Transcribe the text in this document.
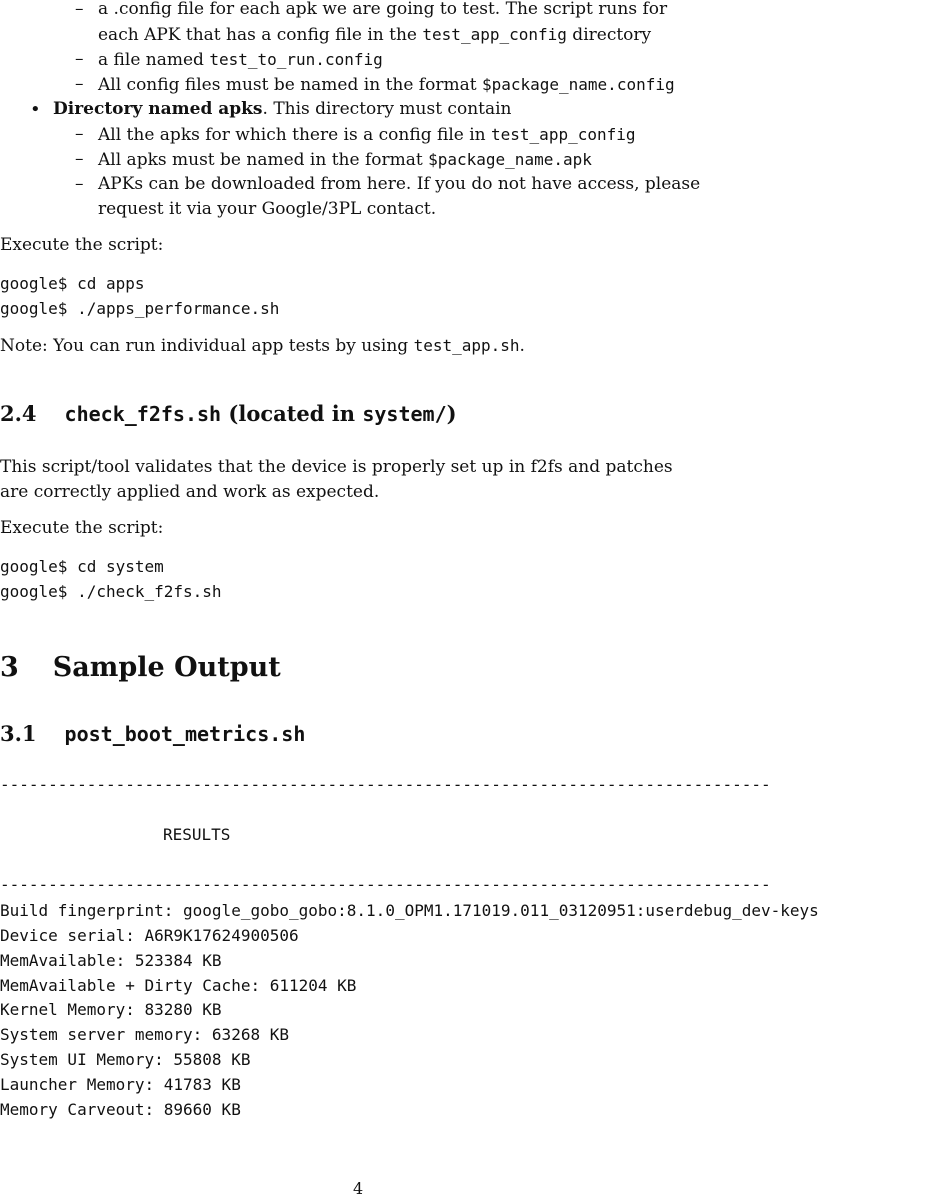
– a .config file for each apk we are going to test. The script runs for
each APK that has a config file in the test_app_config directory
– a file named test_to_run.config
– All config files must be named in the format $package_name.config
• Directory named apks. This directory must contain
– All the apks for which there is a config file in test_app_config
– All apks must be named in the format $package_name.apk
– APKs can be downloaded from here. If you do not have access, please
request it via your Google/3PL contact.
Execute the script:
google$ cd apps
google$ ./apps_performance.sh
Note: You can run individual app tests by using test_app.sh.
2.4 check_f2fs.sh (located in system/)
This script/tool validates that the device is properly set up in f2fs and patches
are correctly applied and work as expected.
Execute the script:
google$ cd system
google$ ./check_f2fs.sh
3 Sample Output
3.1 post_boot_metrics.sh
--------------------------------------------------------------------------------
RESULTS
--------------------------------------------------------------------------------
Build fingerprint: google_gobo_gobo:8.1.0_OPM1.171019.011_03120951:userdebug_dev-keys
Device serial: A6R9K17624900506
MemAvailable: 523384 KB
MemAvailable + Dirty Cache: 611204 KB
Kernel Memory: 83280 KB
System server memory: 63268 KB
System UI Memory: 55808 KB
Launcher Memory: 41783 KB
Memory Carveout: 89660 KB
4
